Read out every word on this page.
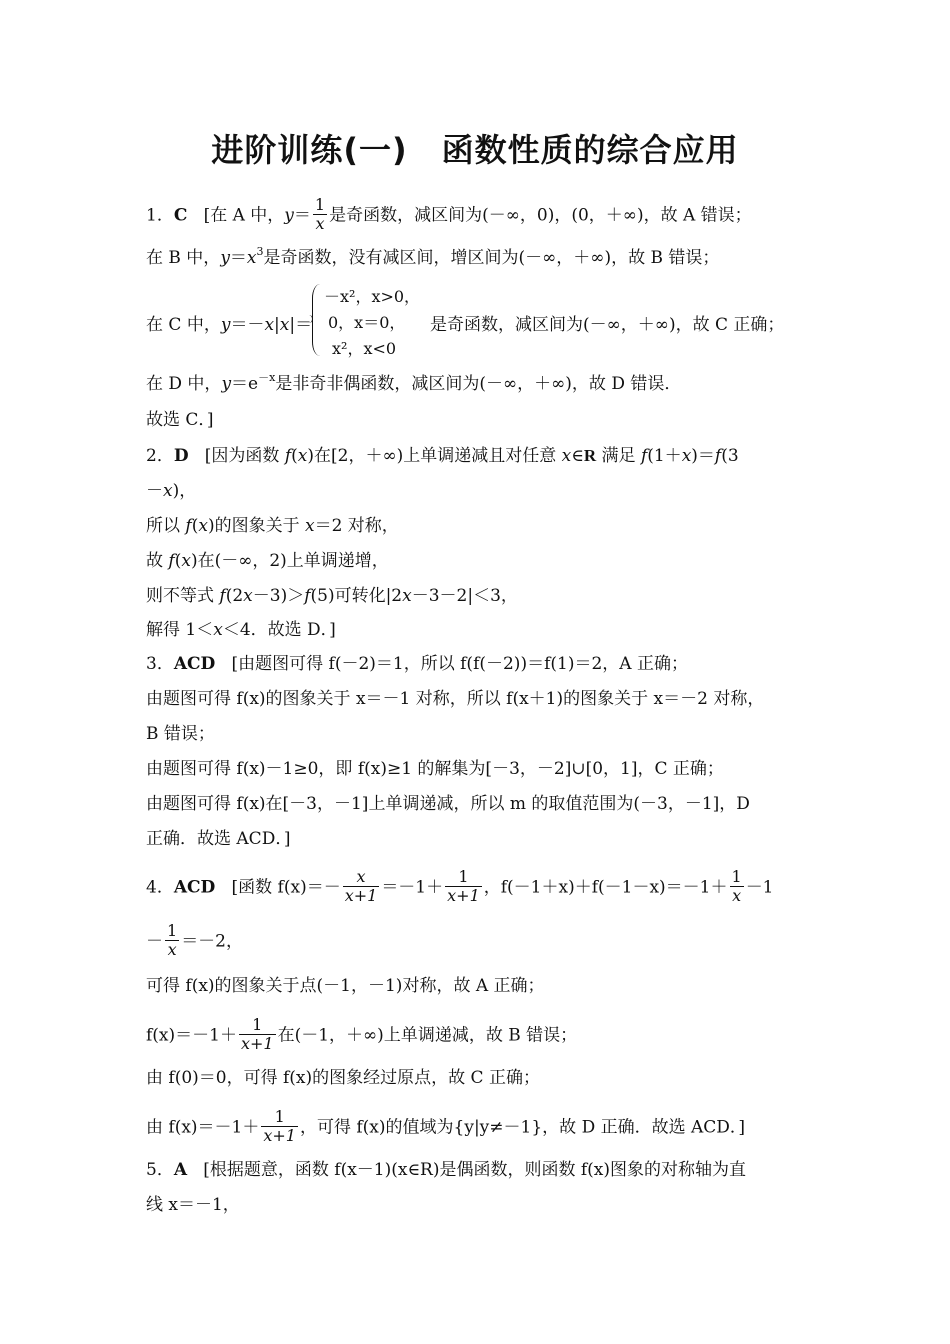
进阶训练(一) 函数性质的综合应用
1．C [在 A 中，$y= \frac{1}{x}$ 是奇函数，减区间为(－∞，0)，(0，＋∞)，故 A 错误；
在 B 中，$y=x^3$是奇函数，没有减区间，增区间为(－∞，＋∞)，故 B 错误；
在 C 中，y＝－x|x|＝
－x²，x>0，
0，x＝0，
x²，x<0
是奇函数，减区间为(－∞，＋∞)，故 C 正确；
在 D 中，$y=e^{-x}$是非奇非偶函数，减区间为(－∞，＋∞)，故 D 错误．
故选 C．]
2．D [因为函数 f(x)在[2，＋∞)上单调递减且对任意 x∈R 满足 f(1＋x)＝f(3
－x)，
所以 f(x)的图象关于 x＝2 对称，
故 f(x)在(－∞，2)上单调递增，
则不等式 f(2x－3)＞f(5)可转化|2x－3－2|＜3，
解得 1＜x＜4．故选 D．]
3．ACD [由题图可得 f(－2)＝1，所以 f(f(－2))＝f(1)＝2，A 正确；
由题图可得 f(x)的图象关于 x＝－1 对称，所以 f(x＋1)的图象关于 x＝－2 对称，
B 错误；
由题图可得 f(x)－1≥0，即 f(x)≥1 的解集为[－3，－2]∪[0，1]，C 正确；
由题图可得 f(x)在[－3，－1]上单调递减，所以 m 的取值范围为(－3，－1]，D
正确．故选 ACD．]
4．ACD [函数 $f(x)=- \frac{x}{x+1} =-1+ \frac{1}{x+1}$ ，$f(-1+x)+f(-1-x)=-1+ \frac{1}{x} -1$
－ $\frac{1}{x} =-2$，
可得 f(x)的图象关于点(－1，－1)对称，故 A 正确；
$f(x)=-1+ \frac{1}{x+1}$ 在(－1，＋∞)上单调递减，故 B 错误；
由 f(0)＝0，可得 f(x)的图象经过原点，故 C 正确；
由 $f(x)=-1+ \frac{1}{x+1}$ ，可得 f(x)的值域为{y|y≠－1}，故 D 正确．故选 ACD．]
5．A [根据题意，函数 f(x－1)(x∈R)是偶函数，则函数 f(x)图象的对称轴为直
线 x＝－1，
